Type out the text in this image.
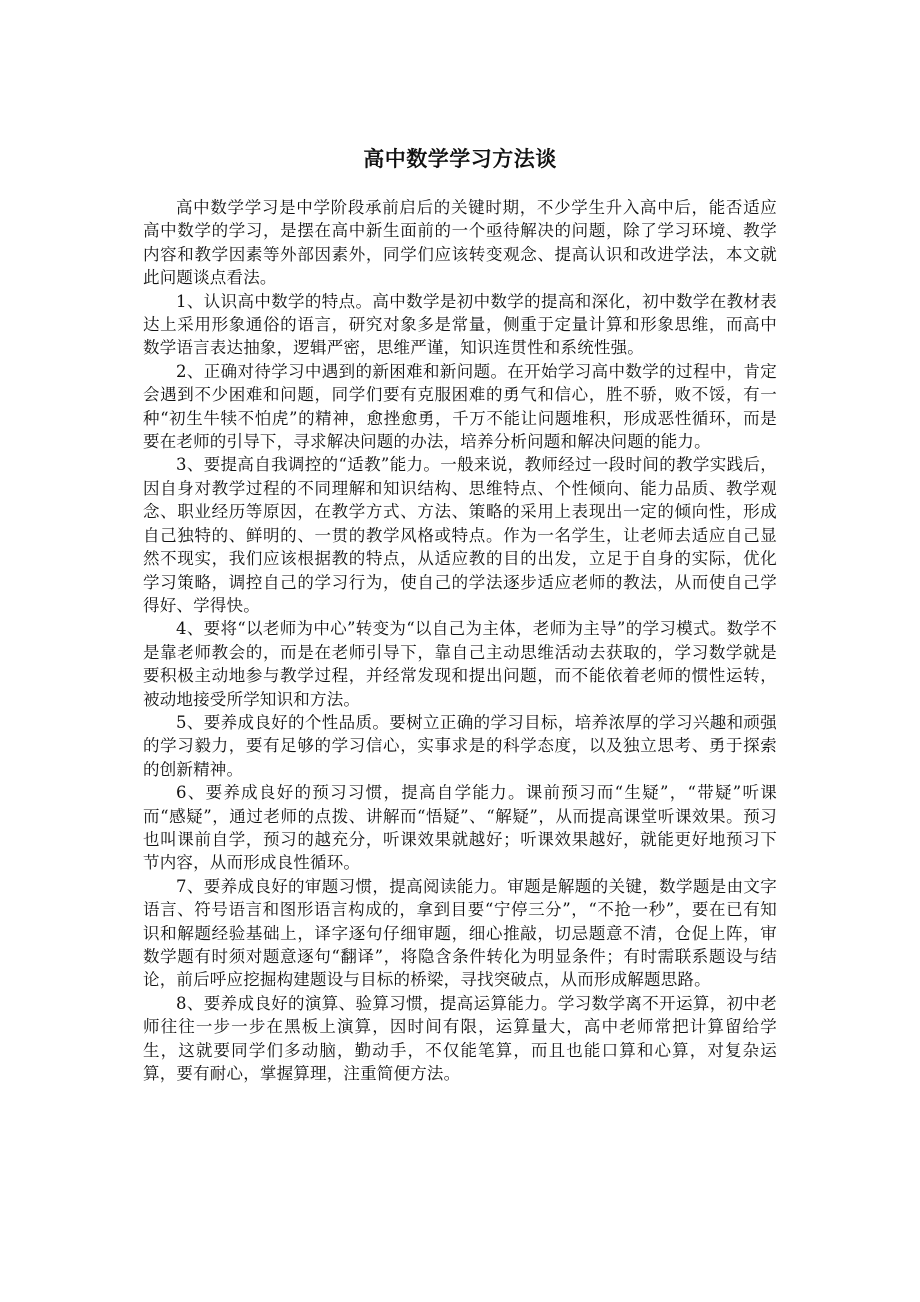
高中数学学习方法谈

高中数学学习是中学阶段承前启后的关键时期，不少学生升入高中后，能否适应高中数学的学习，是摆在高中新生面前的一个亟待解决的问题，除了学习环境、教学内容和教学因素等外部因素外，同学们应该转变观念、提高认识和改进学法，本文就此问题谈点看法。

1、认识高中数学的特点。高中数学是初中数学的提高和深化，初中数学在教材表达上采用形象通俗的语言，研究对象多是常量，侧重于定量计算和形象思维，而高中数学语言表达抽象，逻辑严密，思维严谨，知识连贯性和系统性强。

2、正确对待学习中遇到的新困难和新问题。在开始学习高中数学的过程中，肯定会遇到不少困难和问题，同学们要有克服困难的勇气和信心，胜不骄，败不馁，有一种“初生牛犊不怕虎”的精神，愈挫愈勇，千万不能让问题堆积，形成恶性循环，而是要在老师的引导下，寻求解决问题的办法，培养分析问题和解决问题的能力。

3、要提高自我调控的“适教”能力。一般来说，教师经过一段时间的教学实践后，因自身对教学过程的不同理解和知识结构、思维特点、个性倾向、能力品质、教学观念、职业经历等原因，在教学方式、方法、策略的采用上表现出一定的倾向性，形成自己独特的、鲜明的、一贯的教学风格或特点。作为一名学生，让老师去适应自己显然不现实，我们应该根据教的特点，从适应教的目的出发，立足于自身的实际，优化学习策略，调控自己的学习行为，使自己的学法逐步适应老师的教法，从而使自己学得好、学得快。

4、要将“以老师为中心”转变为“以自己为主体，老师为主导”的学习模式。数学不是靠老师教会的，而是在老师引导下，靠自己主动思维活动去获取的，学习数学就是要积极主动地参与教学过程，并经常发现和提出问题，而不能依着老师的惯性运转，被动地接受所学知识和方法。

5、要养成良好的个性品质。要树立正确的学习目标，培养浓厚的学习兴趣和顽强的学习毅力，要有足够的学习信心，实事求是的科学态度，以及独立思考、勇于探索的创新精神。

6、要养成良好的预习习惯，提高自学能力。课前预习而“生疑”，“带疑”听课而“感疑”，通过老师的点拨、讲解而“悟疑”、“解疑”，从而提高课堂听课效果。预习也叫课前自学，预习的越充分，听课效果就越好；听课效果越好，就能更好地预习下节内容，从而形成良性循环。

7、要养成良好的审题习惯，提高阅读能力。审题是解题的关键，数学题是由文字语言、符号语言和图形语言构成的，拿到目要“宁停三分”，“不抢一秒”，要在已有知识和解题经验基础上，译字逐句仔细审题，细心推敲，切忌题意不清，仓促上阵，审数学题有时须对题意逐句“翻译”，将隐含条件转化为明显条件；有时需联系题设与结论，前后呼应挖掘构建题设与目标的桥梁，寻找突破点，从而形成解题思路。

8、要养成良好的演算、验算习惯，提高运算能力。学习数学离不开运算，初中老师往往一步一步在黑板上演算，因时间有限，运算量大，高中老师常把计算留给学生，这就要同学们多动脑，勤动手，不仅能笔算，而且也能口算和心算，对复杂运算，要有耐心，掌握算理，注重简便方法。
